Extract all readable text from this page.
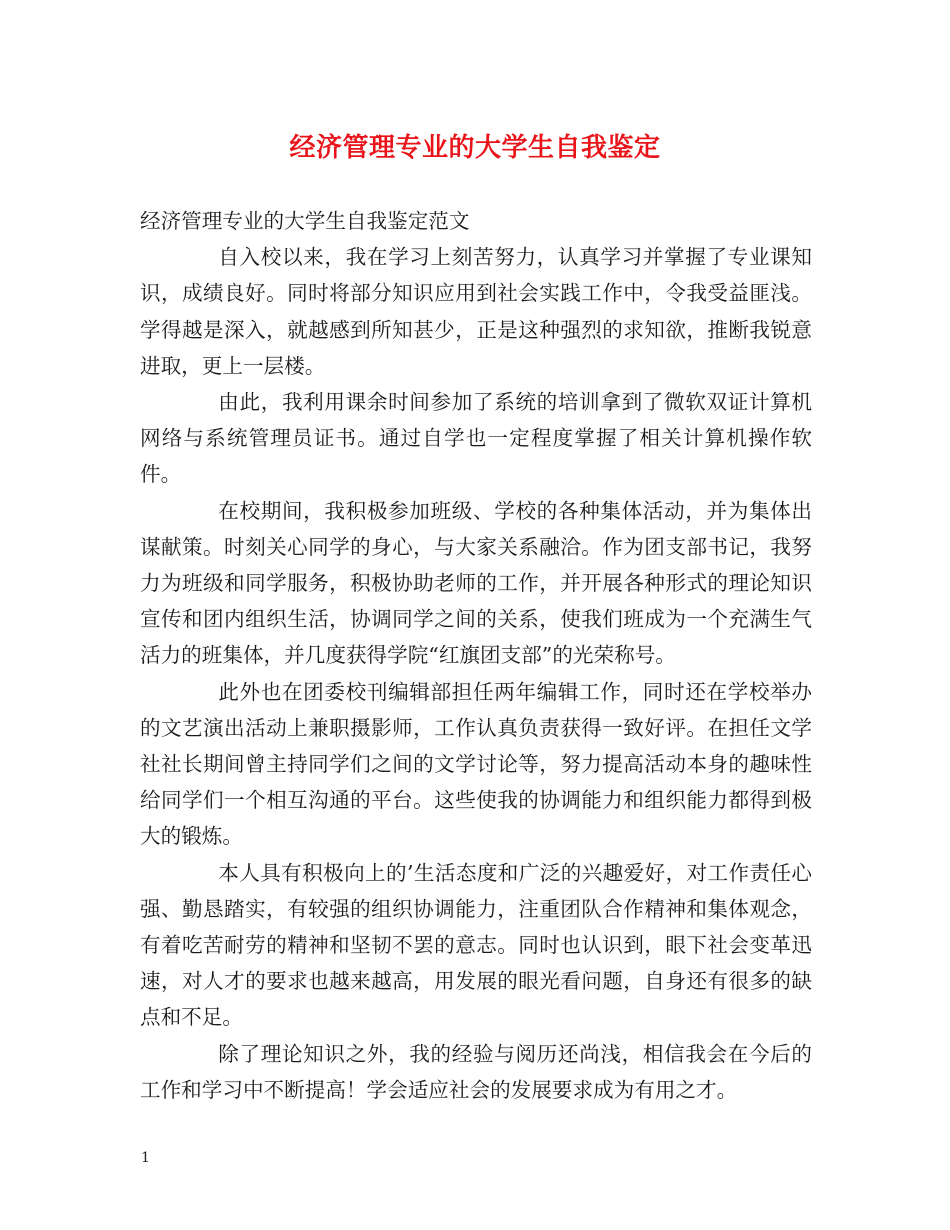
经济管理专业的大学生自我鉴定

经济管理专业的大学生自我鉴定范文

自入校以来，我在学习上刻苦努力，认真学习并掌握了专业课知识，成绩良好。同时将部分知识应用到社会实践工作中，令我受益匪浅。学得越是深入，就越感到所知甚少，正是这种强烈的求知欲，推断我锐意进取，更上一层楼。

由此，我利用课余时间参加了系统的培训拿到了微软双证计算机网络与系统管理员证书。通过自学也一定程度掌握了相关计算机操作软件。

在校期间，我积极参加班级、学校的各种集体活动，并为集体出谋献策。时刻关心同学的身心，与大家关系融洽。作为团支部书记，我努力为班级和同学服务，积极协助老师的工作，并开展各种形式的理论知识宣传和团内组织生活，协调同学之间的关系，使我们班成为一个充满生气活力的班集体，并几度获得学院“红旗团支部”的光荣称号。

此外也在团委校刊编辑部担任两年编辑工作，同时还在学校举办的文艺演出活动上兼职摄影师，工作认真负责获得一致好评。在担任文学社社长期间曾主持同学们之间的文学讨论等，努力提高活动本身的趣味性给同学们一个相互沟通的平台。这些使我的协调能力和组织能力都得到极大的锻炼。

本人具有积极向上的’生活态度和广泛的兴趣爱好，对工作责任心强、勤恳踏实，有较强的组织协调能力，注重团队合作精神和集体观念，有着吃苦耐劳的精神和坚韧不罢的意志。同时也认识到，眼下社会变革迅速，对人才的要求也越来越高，用发展的眼光看问题，自身还有很多的缺点和不足。

除了理论知识之外，我的经验与阅历还尚浅，相信我会在今后的工作和学习中不断提高！学会适应社会的发展要求成为有用之才。

1
